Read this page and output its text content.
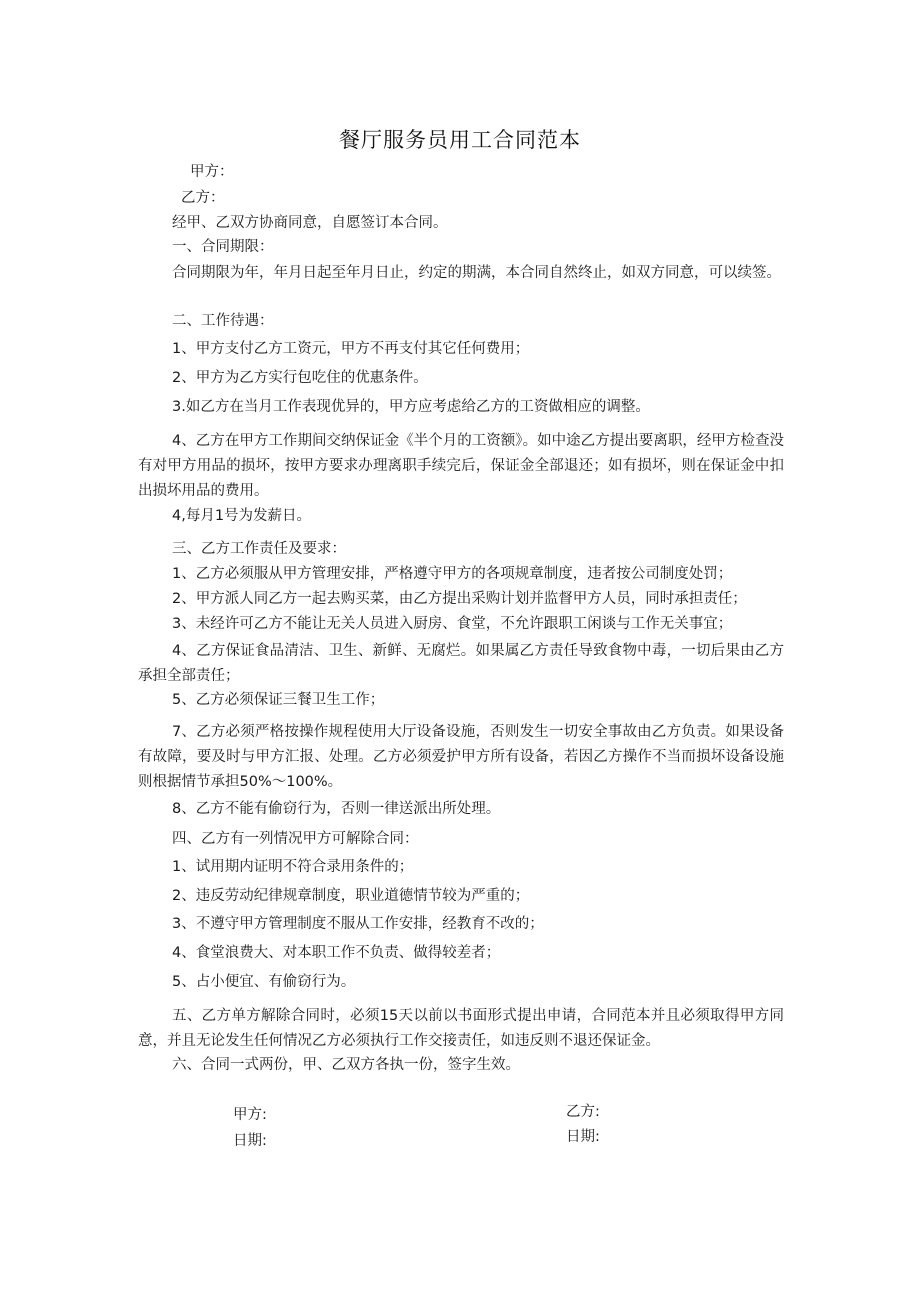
餐厅服务员用工合同范本
甲方：
乙方：
经甲、乙双方协商同意，自愿签订本合同。
一、合同期限：
合同期限为年，年月日起至年月日止，约定的期满，本合同自然终止，如双方同意，可以续签。
二、工作待遇：
1、甲方支付乙方工资元，甲方不再支付其它任何费用；
2、甲方为乙方实行包吃住的优惠条件。
3.如乙方在当月工作表现优异的，甲方应考虑给乙方的工资做相应的调整。
4、乙方在甲方工作期间交纳保证金《半个月的工资额》。如中途乙方提出要离职，经甲方检查没有对甲方用品的损坏，按甲方要求办理离职手续完后，保证金全部退还；如有损坏，则在保证金中扣出损坏用品的费用。
4,每月1号为发薪日。
三、乙方工作责任及要求：
1、乙方必须服从甲方管理安排，严格遵守甲方的各项规章制度，违者按公司制度处罚；
2、甲方派人同乙方一起去购买菜，由乙方提出采购计划并监督甲方人员，同时承担责任；
3、未经许可乙方不能让无关人员进入厨房、食堂，不允许跟职工闲谈与工作无关事宜；
4、乙方保证食品清洁、卫生、新鲜、无腐烂。如果属乙方责任导致食物中毒，一切后果由乙方承担全部责任；
5、乙方必须保证三餐卫生工作；
7、乙方必须严格按操作规程使用大厅设备设施，否则发生一切安全事故由乙方负责。如果设备有故障，要及时与甲方汇报、处理。乙方必须爱护甲方所有设备，若因乙方操作不当而损坏设备设施则根据情节承担50%～100%。
8、乙方不能有偷窃行为，否则一律送派出所处理。
四、乙方有一列情况甲方可解除合同：
1、试用期内证明不符合录用条件的；
2、违反劳动纪律规章制度，职业道德情节较为严重的；
3、不遵守甲方管理制度不服从工作安排，经教育不改的；
4、食堂浪费大、对本职工作不负责、做得较差者；
5、占小便宜、有偷窃行为。
五、乙方单方解除合同时，必须15天以前以书面形式提出申请，合同范本并且必须取得甲方同意，并且无论发生任何情况乙方必须执行工作交接责任，如违反则不退还保证金。
六、合同一式两份，甲、乙双方各执一份，签字生效。
甲方:
日期:
乙方:
日期:
